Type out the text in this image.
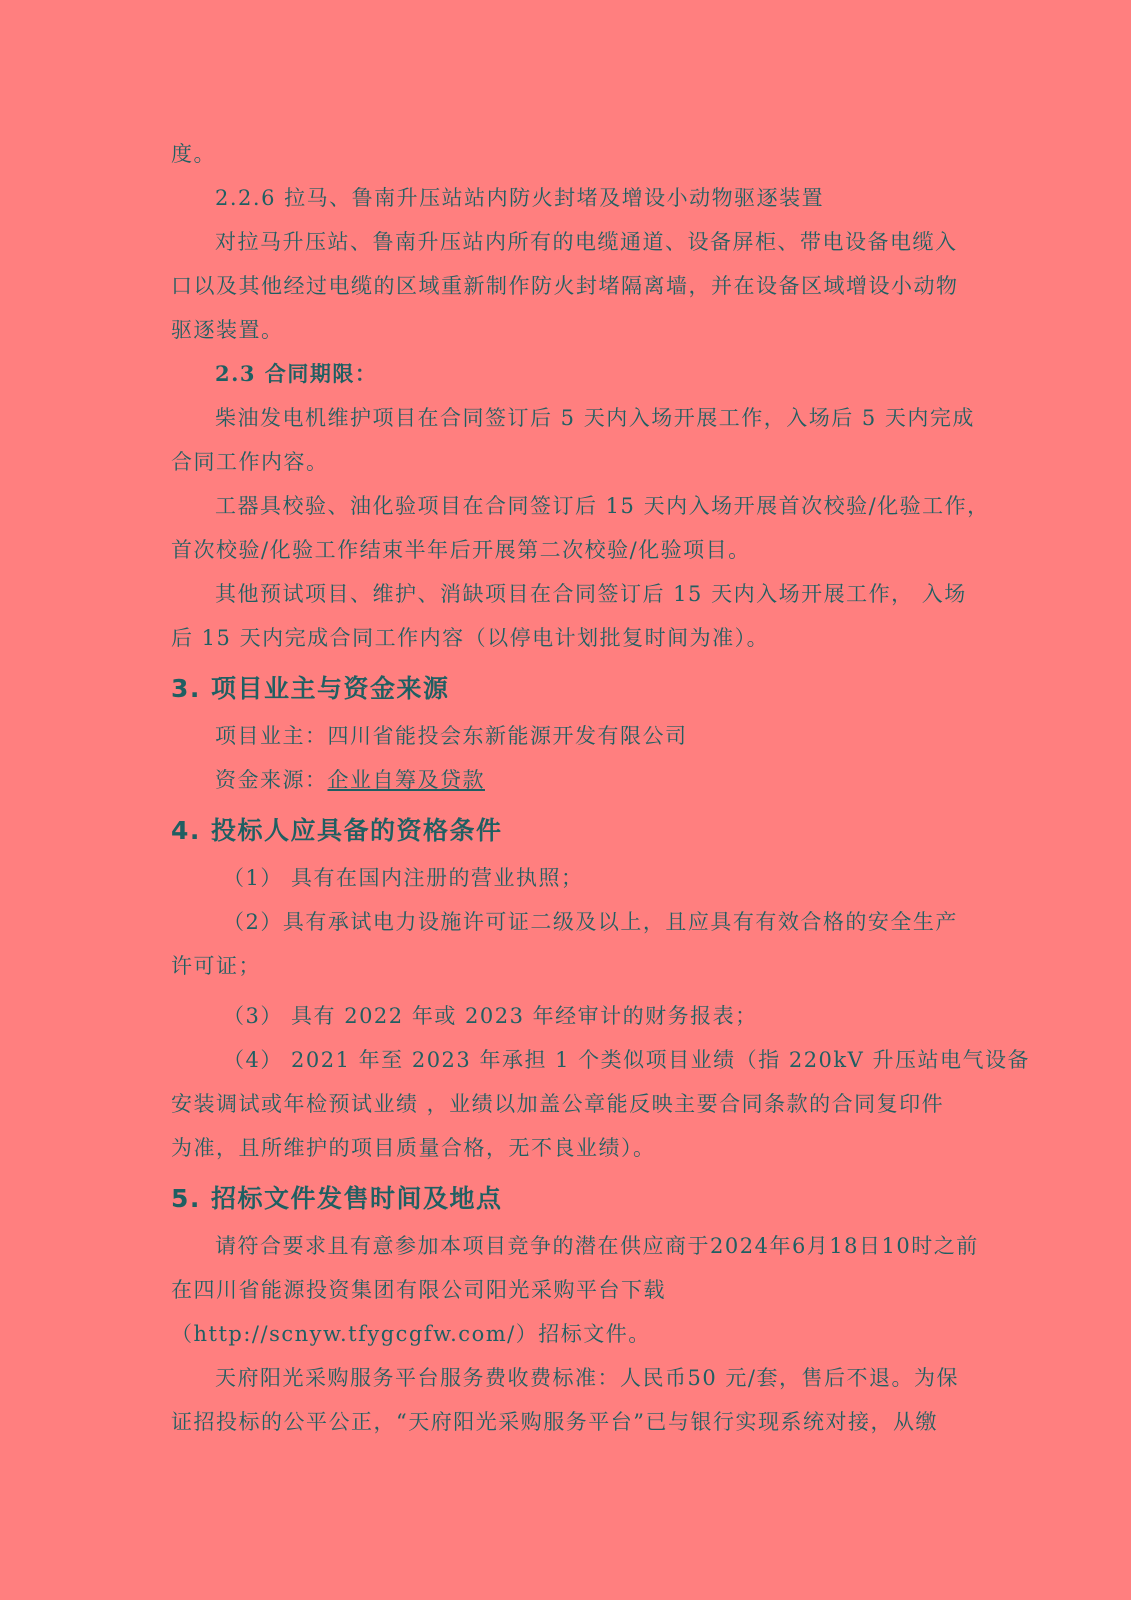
度。
2.2.6 拉马、鲁南升压站站内防火封堵及增设小动物驱逐装置
对拉马升压站、鲁南升压站内所有的电缆通道、设备屏柜、带电设备电缆入
口以及其他经过电缆的区域重新制作防火封堵隔离墙，并在设备区域增设小动物
驱逐装置。
2.3 合同期限：
柴油发电机维护项目在合同签订后 5 天内入场开展工作，入场后 5 天内完成
合同工作内容。
工器具校验、油化验项目在合同签订后 15 天内入场开展首次校验/化验工作，
首次校验/化验工作结束半年后开展第二次校验/化验项目。
其他预试项目、维护、消缺项目在合同签订后 15 天内入场开展工作， 入场
后 15 天内完成合同工作内容（以停电计划批复时间为准）。
3. 项目业主与资金来源
项目业主：四川省能投会东新能源开发有限公司
资金来源：企业自筹及贷款
4. 投标人应具备的资格条件
（1） 具有在国内注册的营业执照；
（2）具有承试电力设施许可证二级及以上，且应具有有效合格的安全生产
许可证；
（3） 具有 2022 年或 2023 年经审计的财务报表；
（4） 2021 年至 2023 年承担 1 个类似项目业绩（指 220kV 升压站电气设备
安装调试或年检预试业绩 ，业绩以加盖公章能反映主要合同条款的合同复印件
为准，且所维护的项目质量合格，无不良业绩）。
5. 招标文件发售时间及地点
请符合要求且有意参加本项目竞争的潜在供应商于2024年6月18日10时之前
在四川省能源投资集团有限公司阳光采购平台下载
（http://scnyw.tfygcgfw.com/）招标文件。
天府阳光采购服务平台服务费收费标准：人民币50 元/套，售后不退。为保
证招投标的公平公正，“天府阳光采购服务平台”已与银行实现系统对接，从缴
